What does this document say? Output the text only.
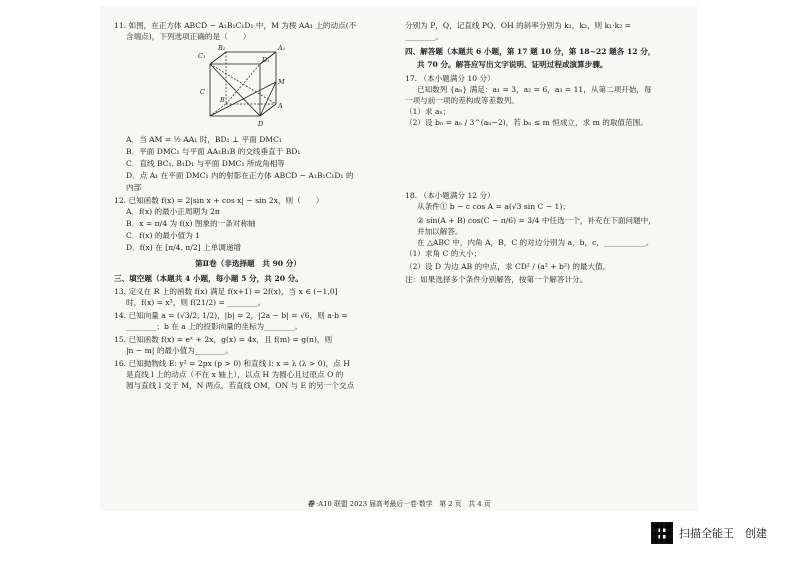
11. 如图，在正方体 ABCD − A₁B₁C₁D₁ 中，M 为棱 AA₁ 上的动点(不
含端点)，下列选项正确的是（　　）
C₁
B₁	A₁
D₁
M
C
B
A
D
A．当 AM = ½ AA₁ 时，BD₁ ⊥ 平面 DMC₁
B．平面 DMC₁ 与平面 AA₁B₁B 的交线垂直于 BD₁
C．直线 BC₁, B₁D₁ 与平面 DMC₁ 所成角相等
D．点 A₁ 在平面 DMC₁ 内的射影在正方体 ABCD − A₁B₁C₁D₁ 的
内部
12. 已知函数 f(x) = 2|sin x + cos x| − sin 2x，则（　　）
A．f(x) 的最小正周期为 2π
B．x = π/4 为 f(x) 图象的一条对称轴
C．f(x) 的最小值为 1
D．f(x) 在 [π/4, π/2] 上单调递增
第Ⅱ卷（非选择题　共 90 分）
三、填空题（本题共 4 小题，每小题 5 分，共 20 分。
13. 定义在 R 上的函数 f(x) 满足 f(x+1) = 2f(x)，当 x ∈ (−1,0]
时，f(x) = x³，则 f(21/2) = ________。
14. 已知向量 a = (√3/2, 1/2)，|b| = 2，|2a − b| = √6，则 a·b =
________；b 在 a 上的投影向量的坐标为________。
15. 已知函数 f(x) = eˣ + 2x，g(x) = 4x，且 f(m) = g(n)，则
|n − m| 的最小值为________。
16. 已知抛物线 E: y² = 2px (p > 0) 和直线 l: x = λ (λ > 0)，点 H
是直线 l 上的动点（不在 x 轴上），以点 H 为圆心且过原点 O 的
圆与直线 l 交于 M，N 两点，若直线 OM，ON 与 E 的另一个交点
分别为 P，Q，记直线 PQ，OH 的斜率分别为 k₁，k₂，则 k₁·k₂ =
________。
四、解答题（本题共 6 小题，第 17 题 10 分，第 18~22 题各 12 分，
共 70 分。解答应写出文字说明、证明过程或演算步骤。
17. （本小题满分 10 分）
已知数列 {aₙ} 满足：a₁ = 3，a₂ = 6，a₃ = 11，从第二项开始，每
一项与前一项的差构成等差数列。
（1）求 aₙ；
（2）设 bₙ = aₙ / 3^(aₙ−2)，若 bₙ ≤ m 恒成立，求 m 的取值范围。
18. （本小题满分 12 分）
从条件① b − c cos A = a(√3 sin C − 1)；
② sin(A + B) cos(C − π/6) = 3/4 中任选一个，补充在下面问题中，
并加以解答。
在 △ABC 中，内角 A，B，C 的对边分别为 a，b，c，___________。
（1）求角 C 的大小；
（2）设 D 为边 AB 的中点，求 CD² / (a² + b²) 的最大值。
注：如果选择多个条件分别解答，按第一个解答计分。
卷 ·A10 联盟 2023 届高考最后一卷·数学　第 2 页　共 4 页
扫描全能王　创建
